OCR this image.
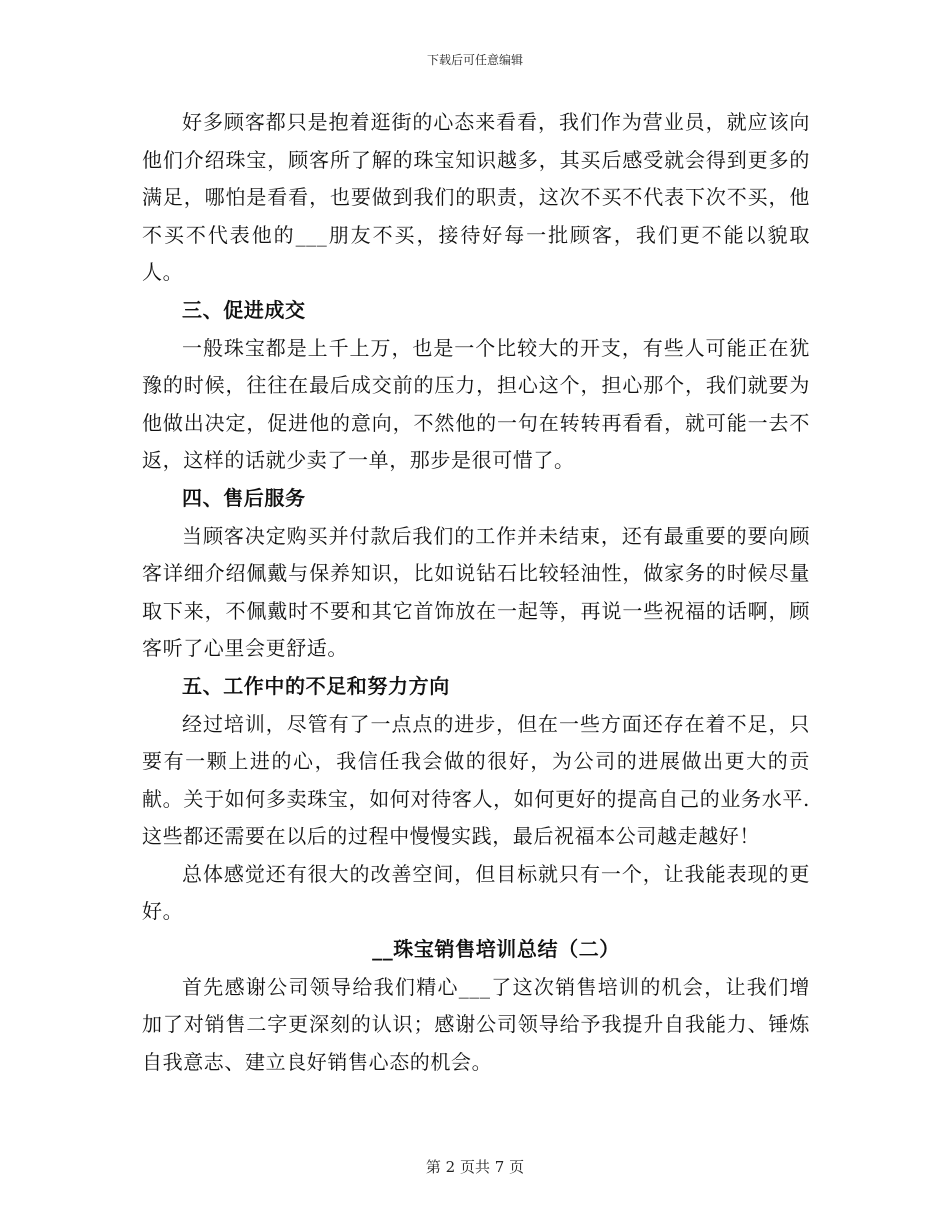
下载后可任意编辑

好多顾客都只是抱着逛街的心态来看看，我们作为营业员，就应该向他们介绍珠宝，顾客所了解的珠宝知识越多，其买后感受就会得到更多的满足，哪怕是看看，也要做到我们的职责，这次不买不代表下次不买，他不买不代表他的___朋友不买，接待好每一批顾客，我们更不能以貌取人。

三、促进成交

一般珠宝都是上千上万，也是一个比较大的开支，有些人可能正在犹豫的时候，往往在最后成交前的压力，担心这个，担心那个，我们就要为他做出决定，促进他的意向，不然他的一句在转转再看看，就可能一去不返，这样的话就少卖了一单，那步是很可惜了。

四、售后服务

当顾客决定购买并付款后我们的工作并未结束，还有最重要的要向顾客详细介绍佩戴与保养知识，比如说钻石比较轻油性，做家务的时候尽量取下来，不佩戴时不要和其它首饰放在一起等，再说一些祝福的话啊，顾客听了心里会更舒适。

五、工作中的不足和努力方向

经过培训，尽管有了一点点的进步，但在一些方面还存在着不足，只要有一颗上进的心，我信任我会做的很好，为公司的进展做出更大的贡献。关于如何多卖珠宝，如何对待客人，如何更好的提高自己的业务水平.这些都还需要在以后的过程中慢慢实践，最后祝福本公司越走越好！

总体感觉还有很大的改善空间，但目标就只有一个，让我能表现的更好。

__珠宝销售培训总结（二）

首先感谢公司领导给我们精心___了这次销售培训的机会，让我们增加了对销售二字更深刻的认识；感谢公司领导给予我提升自我能力、锤炼自我意志、建立良好销售心态的机会。

第 2 页共 7 页
